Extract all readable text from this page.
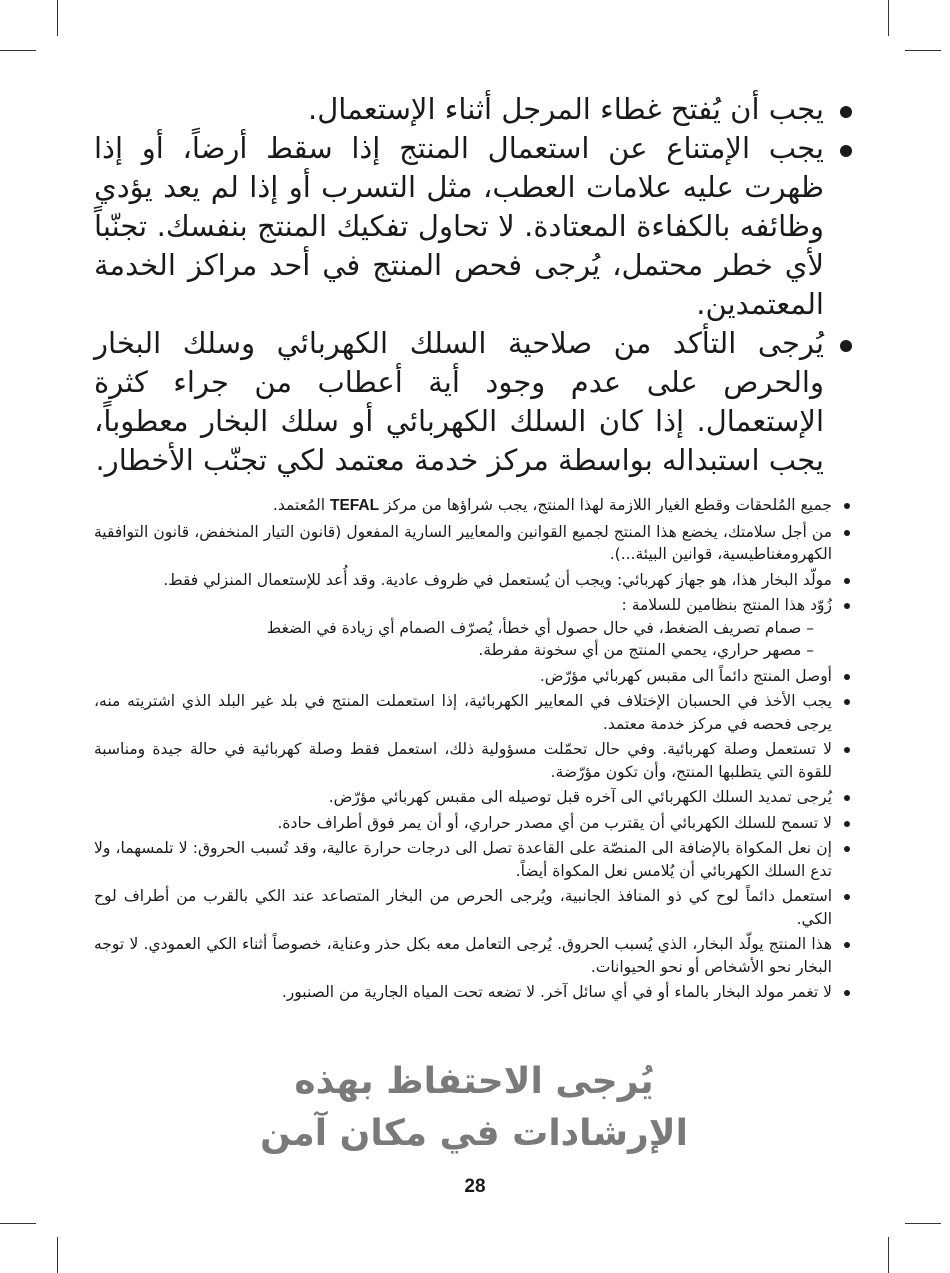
يجب أن يُفتح غطاء المرجل أثناء الإستعمال.
يجب الإمتناع عن استعمال المنتج إذا سقط أرضاً، أو إذا ظهرت عليه علامات العطب، مثل التسرب أو إذا لم يعد يؤدي وظائفه بالكفاءة المعتادة. لا تحاول تفكيك المنتج بنفسك. تجنّباً لأي خطر محتمل، يُرجى فحص المنتج في أحد مراكز الخدمة المعتمدين.
يُرجى التأكد من صلاحية السلك الكهربائي وسلك البخار والحرص على عدم وجود أية أعطاب من جراء كثرة الإستعمال. إذا كان السلك الكهربائي أو سلك البخار معطوباً، يجب استبداله بواسطة مركز خدمة معتمد لكي تجنّب الأخطار.
جميع المُلحقات وقطع الغيار اللازمة لهذا المنتج، يجب شراؤها من مركز TEFAL المُعتمد.
من أجل سلامتك، يخضع هذا المنتج لجميع القوانين والمعايير السارية المفعول (قانون التيار المنخفض، قانون التوافقية الكهرومغناطيسية، قوانين البيئة...).
مولّد البخار هذا، هو جهاز كهربائي: ويجب أن يُستعمل في ظروف عادية. وقد أُعد للإستعمال المنزلي فقط.
زُوّد هذا المنتج بنظامين للسلامة :
– صمام تصريف الضغط، في حال حصول أي خطأ، يُصرّف الصمام أي زيادة في الضغط
– مصهر حراري، يحمي المنتج من أي سخونة مفرطة.
أوصل المنتج دائماً الى مقبس كهربائي مؤرّض.
يجب الأخذ في الحسبان الإختلاف في المعايير الكهربائية، إذا استعملت المنتج في بلد غير البلد الذي اشتريته منه، يرجى فحصه في مركز خدمة معتمد.
لا تستعمل وصلة كهربائية. وفي حال تحمّلت مسؤولية ذلك، استعمل فقط وصلة كهربائية في حالة جيدة ومناسبة للقوة التي يتطلبها المنتج، وأن تكون مؤرّضة.
يُرجى تمديد السلك الكهربائي الى آخره قبل توصيله الى مقبس كهربائي مؤرّض.
لا تسمح للسلك الكهربائي أن يقترب من أي مصدر حراري، أو أن يمر فوق أطراف حادة.
إن نعل المكواة بالإضافة الى المنصّة على القاعدة تصل الى درجات حرارة عالية، وقد تُسبب الحروق: لا تلمسهما، ولا تدع السلك الكهربائي أن يُلامس نعل المكواة أيضاً.
استعمل دائماً لوح كي ذو المنافذ الجانبية، ويُرجى الحرص من البخار المتصاعد عند الكي بالقرب من أطراف لوح الكي.
هذا المنتج يولّد البخار، الذي يُسبب الحروق. يُرجى التعامل معه بكل حذر وعناية، خصوصاً أثناء الكي العمودي. لا توجه البخار نحو الأشخاص أو نحو الحيوانات.
لا تغمر مولد البخار بالماء أو في أي سائل آخر. لا تضعه تحت المياه الجارية من الصنبور.
يُرجى الاحتفاظ بهذه
الإرشادات في مكان آمن
28
